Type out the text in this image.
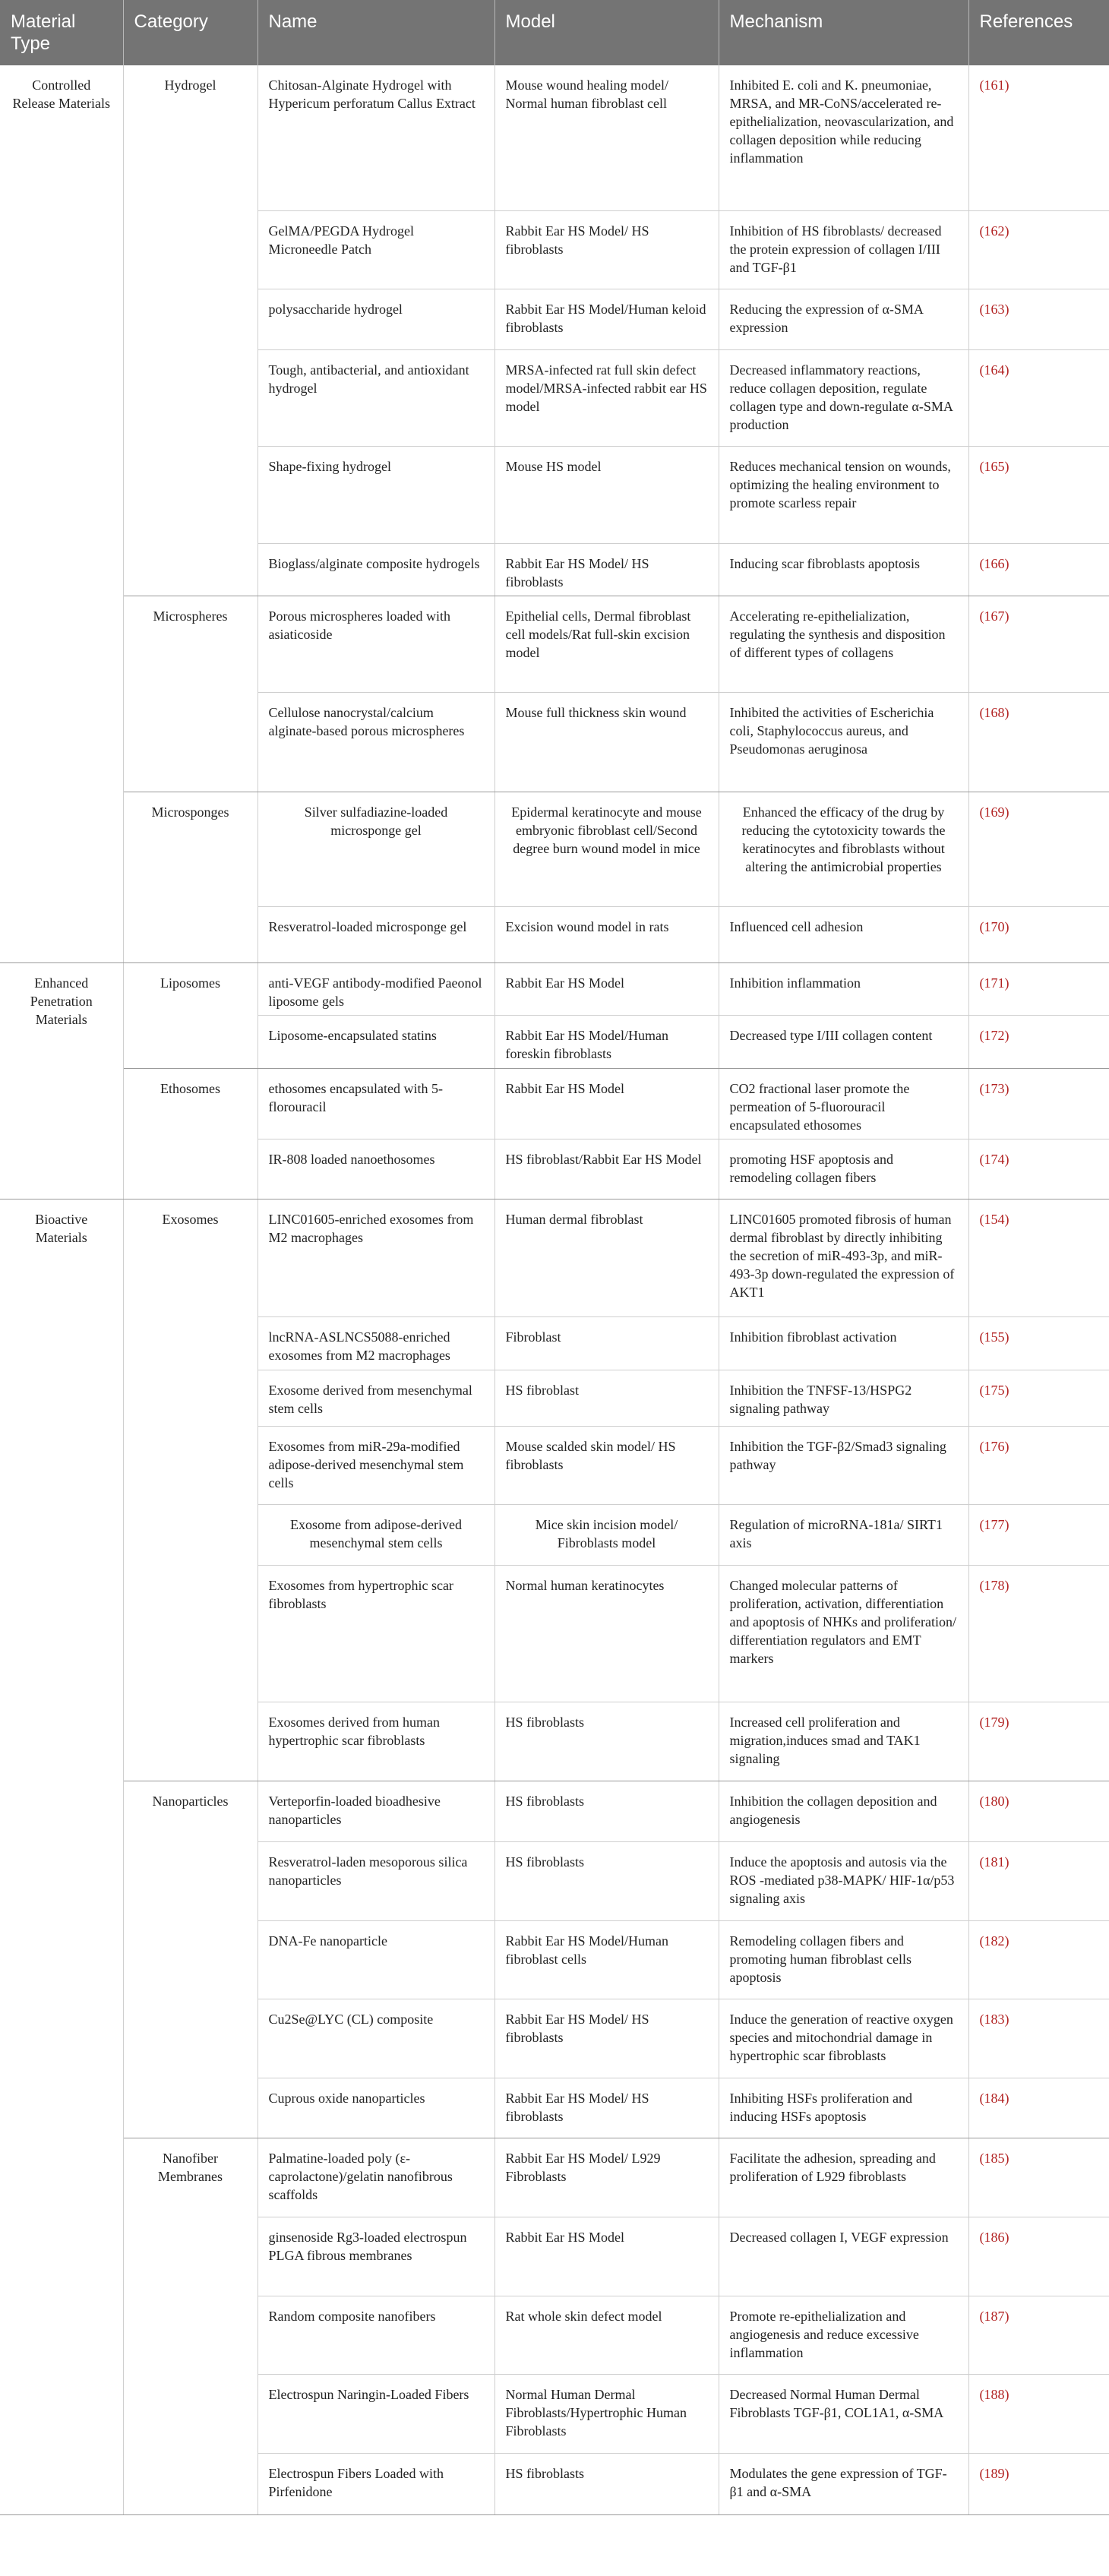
Material Type	Category	Name	Model	Mechanism	References
Controlled Release Materials	Hydrogel	Chitosan-Alginate Hydrogel with Hypericum perforatum Callus Extract	Mouse wound healing model/ Normal human fibroblast cell	Inhibited E. coli and K. pneumoniae, MRSA, and MR-CoNS/accelerated re-epithelialization, neovascularization, and collagen deposition while reducing inflammation	(161)
		GelMA/PEGDA Hydrogel Microneedle Patch	Rabbit Ear HS Model/ HS fibroblasts	Inhibition of HS fibroblasts/ decreased the protein expression of collagen I/III and TGF-β1	(162)
		polysaccharide hydrogel	Rabbit Ear HS Model/Human keloid fibroblasts	Reducing the expression of α-SMA expression	(163)
		Tough, antibacterial, and antioxidant hydrogel	MRSA-infected rat full skin defect model/MRSA-infected rabbit ear HS model	Decreased inflammatory reactions, reduce collagen deposition, regulate collagen type and down-regulate α-SMA production	(164)
		Shape-fixing hydrogel	Mouse HS model	Reduces mechanical tension on wounds, optimizing the healing environment to promote scarless repair	(165)
		Bioglass/alginate composite hydrogels	Rabbit Ear HS Model/ HS fibroblasts	Inducing scar fibroblasts apoptosis	(166)
	Microspheres	Porous microspheres loaded with asiaticoside	Epithelial cells, Dermal fibroblast cell models/Rat full-skin excision model	Accelerating re-epithelialization, regulating the synthesis and disposition of different types of collagens	(167)
		Cellulose nanocrystal/calcium alginate-based porous microspheres	Mouse full thickness skin wound	Inhibited the activities of Escherichia coli, Staphylococcus aureus, and Pseudomonas aeruginosa	(168)
	Microsponges	Silver sulfadiazine-loaded microsponge gel	Epidermal keratinocyte and mouse embryonic fibroblast cell/Second degree burn wound model in mice	Enhanced the efficacy of the drug by reducing the cytotoxicity towards the keratinocytes and fibroblasts without altering the antimicrobial properties	(169)
		Resveratrol-loaded microsponge gel	Excision wound model in rats	Influenced cell adhesion	(170)
Enhanced Penetration Materials	Liposomes	anti-VEGF antibody-modified Paeonol liposome gels	Rabbit Ear HS Model	Inhibition inflammation	(171)
		Liposome-encapsulated statins	Rabbit Ear HS Model/Human foreskin fibroblasts	Decreased type I/III collagen content	(172)
	Ethosomes	ethosomes encapsulated with 5-florouracil	Rabbit Ear HS Model	CO2 fractional laser promote the permeation of 5-fluorouracil encapsulated ethosomes	(173)
		IR-808 loaded nanoethosomes	HS fibroblast/Rabbit Ear HS Model	promoting HSF apoptosis and remodeling collagen fibers	(174)
Bioactive Materials	Exosomes	LINC01605-enriched exosomes from M2 macrophages	Human dermal fibroblast	LINC01605 promoted fibrosis of human dermal fibroblast by directly inhibiting the secretion of miR-493-3p, and miR-493-3p down-regulated the expression of AKT1	(154)
		lncRNA-ASLNCS5088-enriched exosomes from M2 macrophages	Fibroblast	Inhibition fibroblast activation	(155)
		Exosome derived from mesenchymal stem cells	HS fibroblast	Inhibition the TNFSF-13/HSPG2 signaling pathway	(175)
		Exosomes from miR-29a-modified adipose-derived mesenchymal stem cells	Mouse scalded skin model/ HS fibroblasts	Inhibition the TGF-β2/Smad3 signaling pathway	(176)
		Exosome from adipose-derived mesenchymal stem cells	Mice skin incision model/ Fibroblasts model	Regulation of microRNA-181a/ SIRT1 axis	(177)
		Exosomes from hypertrophic scar fibroblasts	Normal human keratinocytes	Changed molecular patterns of proliferation, activation, differentiation and apoptosis of NHKs and proliferation/ differentiation regulators and EMT markers	(178)
		Exosomes derived from human hypertrophic scar fibroblasts	HS fibroblasts	Increased cell proliferation and migration,induces smad and TAK1 signaling	(179)
	Nanoparticles	Verteporfin-loaded bioadhesive nanoparticles	HS fibroblasts	Inhibition the collagen deposition and angiogenesis	(180)
		Resveratrol-laden mesoporous silica nanoparticles	HS fibroblasts	Induce the apoptosis and autosis via the ROS -mediated p38-MAPK/ HIF-1α/p53 signaling axis	(181)
		DNA-Fe nanoparticle	Rabbit Ear HS Model/Human fibroblast cells	Remodeling collagen fibers and promoting human fibroblast cells apoptosis	(182)
		Cu2Se@LYC (CL) composite	Rabbit Ear HS Model/ HS fibroblasts	Induce the generation of reactive oxygen species and mitochondrial damage in hypertrophic scar fibroblasts	(183)
		Cuprous oxide nanoparticles	Rabbit Ear HS Model/ HS fibroblasts	Inhibiting HSFs proliferation and inducing HSFs apoptosis	(184)
	Nanofiber Membranes	Palmatine-loaded poly (ε-caprolactone)/gelatin nanofibrous scaffolds	Rabbit Ear HS Model/ L929 Fibroblasts	Facilitate the adhesion, spreading and proliferation of L929 fibroblasts	(185)
		ginsenoside Rg3-loaded electrospun PLGA fibrous membranes	Rabbit Ear HS Model	Decreased collagen I, VEGF expression	(186)
		Random composite nanofibers	Rat whole skin defect model	Promote re-epithelialization and angiogenesis and reduce excessive inflammation	(187)
		Electrospun Naringin-Loaded Fibers	Normal Human Dermal Fibroblasts/Hypertrophic Human Fibroblasts	Decreased Normal Human Dermal Fibroblasts TGF-β1, COL1A1, α-SMA	(188)
		Electrospun Fibers Loaded with Pirfenidone	HS fibroblasts	Modulates the gene expression of TGF-β1 and α-SMA	(189)
